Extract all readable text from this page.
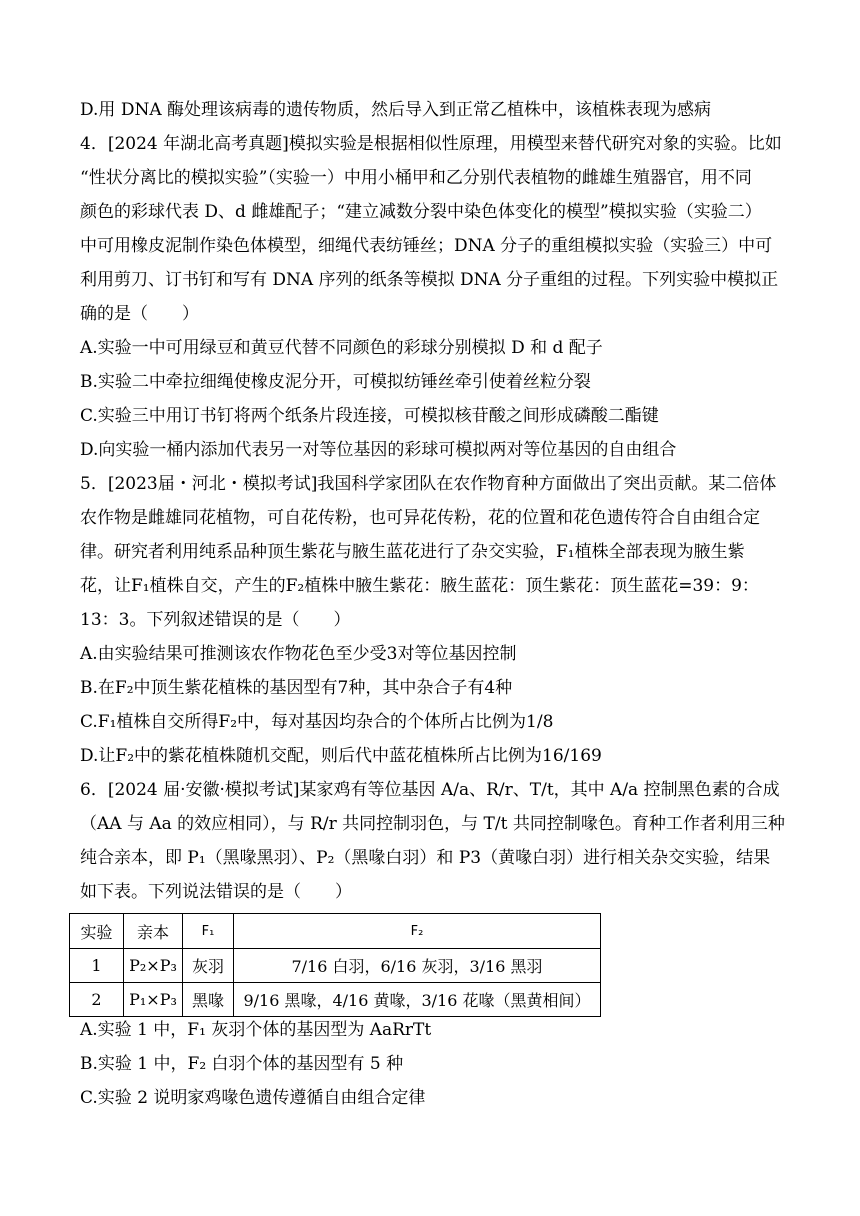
D.用 DNA 酶处理该病毒的遗传物质，然后导入到正常乙植株中，该植株表现为感病
4．[2024 年湖北高考真题]模拟实验是根据相似性原理，用模型来替代研究对象的实验。比如
“性状分离比的模拟实验”（实验一）中用小桶甲和乙分别代表植物的雌雄生殖器官，用不同
颜色的彩球代表 D、d 雌雄配子；“建立减数分裂中染色体变化的模型”模拟实验（实验二）
中可用橡皮泥制作染色体模型，细绳代表纺锤丝；DNA 分子的重组模拟实验（实验三）中可
利用剪刀、订书钉和写有 DNA 序列的纸条等模拟 DNA 分子重组的过程。下列实验中模拟正
确的是（　　）
A.实验一中可用绿豆和黄豆代替不同颜色的彩球分别模拟 D 和 d 配子
B.实验二中牵拉细绳使橡皮泥分开，可模拟纺锤丝牵引使着丝粒分裂
C.实验三中用订书钉将两个纸条片段连接，可模拟核苷酸之间形成磷酸二酯键
D.向实验一桶内添加代表另一对等位基因的彩球可模拟两对等位基因的自由组合
5．[2023届・河北・模拟考试]我国科学家团队在农作物育种方面做出了突出贡献。某二倍体
农作物是雌雄同花植物，可自花传粉，也可异花传粉，花的位置和花色遗传符合自由组合定
律。研究者利用纯系品种顶生紫花与腋生蓝花进行了杂交实验，F₁植株全部表现为腋生紫
花，让F₁植株自交，产生的F₂植株中腋生紫花：腋生蓝花：顶生紫花：顶生蓝花=39：9：
13：3。下列叙述错误的是（　　）
A.由实验结果可推测该农作物花色至少受3对等位基因控制
B.在F₂中顶生紫花植株的基因型有7种，其中杂合子有4种
C.F₁植株自交所得F₂中，每对基因均杂合的个体所占比例为1/8
D.让F₂中的紫花植株随机交配，则后代中蓝花植株所占比例为16/169
6．[2024 届·安徽·模拟考试]某家鸡有等位基因 A/a、R/r、T/t，其中 A/a 控制黑色素的合成
（AA 与 Aa 的效应相同），与 R/r 共同控制羽色，与 T/t 共同控制喙色。育种工作者利用三种
纯合亲本，即 P₁（黑喙黑羽）、P₂（黑喙白羽）和 P3（黄喙白羽）进行相关杂交实验，结果
如下表。下列说法错误的是（　　）
实验	亲本	F₁	F₂
1	P₂×P₃	灰羽	7/16 白羽，6/16 灰羽，3/16 黑羽
2	P₁×P₃	黑喙	9/16 黑喙，4/16 黄喙，3/16 花喙（黑黄相间）
A.实验 1 中，F₁ 灰羽个体的基因型为 AaRrTt
B.实验 1 中，F₂ 白羽个体的基因型有 5 种
C.实验 2 说明家鸡喙色遗传遵循自由组合定律
